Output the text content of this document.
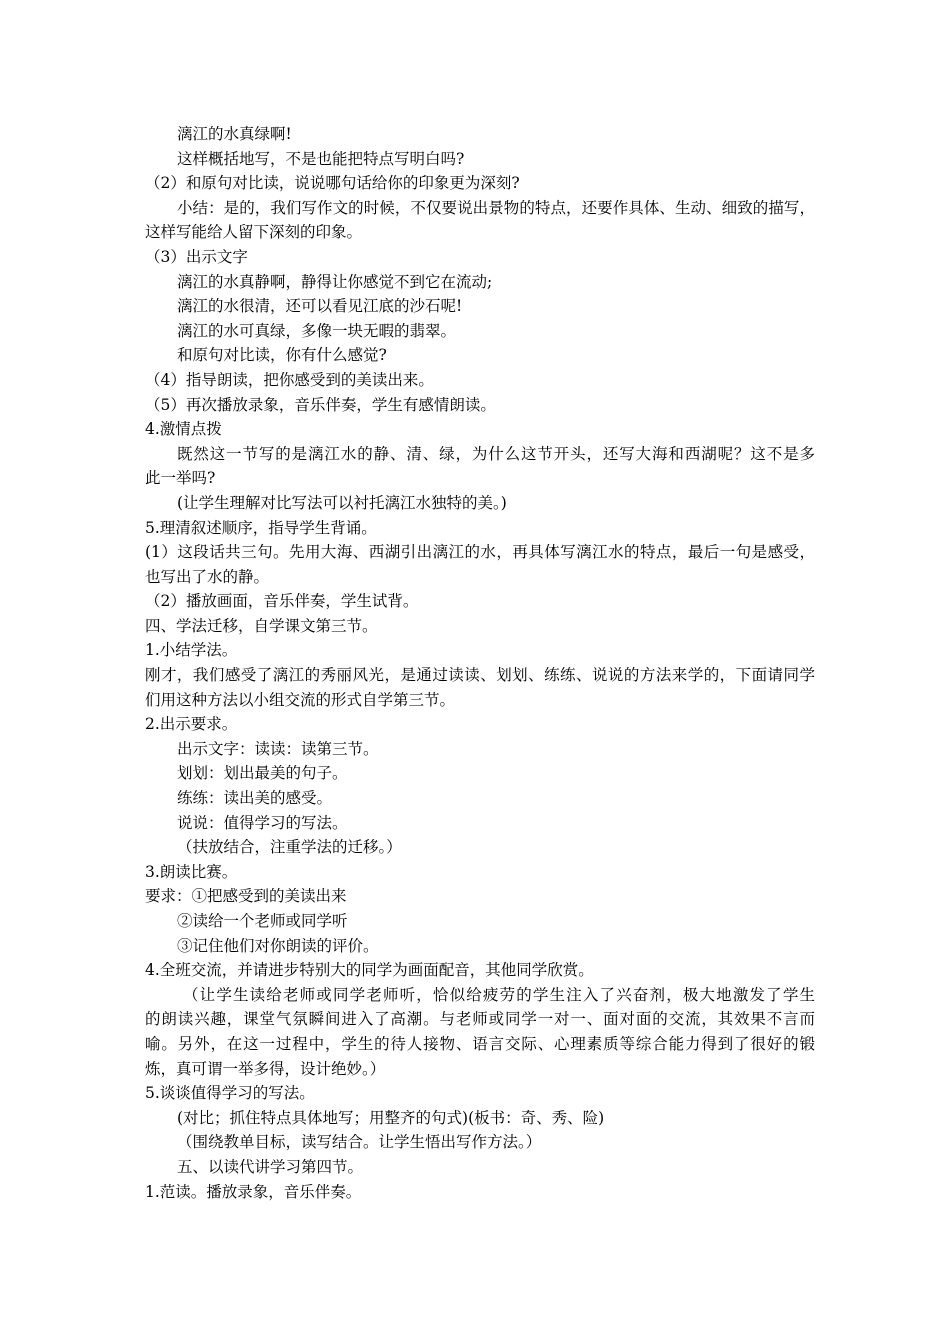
漓江的水真绿啊!
这样概括地写，不是也能把特点写明白吗?
（2）和原句对比读，说说哪句话给你的印象更为深刻?
小结：是的，我们写作文的时候，不仅要说出景物的特点，还要作具体、生动、细致的描写，
这样写能给人留下深刻的印象。
（3）出示文字
漓江的水真静啊，静得让你感觉不到它在流动;
漓江的水很清，还可以看见江底的沙石呢!
漓江的水可真绿，多像一块无暇的翡翠。
和原句对比读，你有什么感觉?
（4）指导朗读，把你感受到的美读出来。
（5）再次播放录象，音乐伴奏，学生有感情朗读。
4.激情点拨
既然这一节写的是漓江水的静、清、绿，为什么这节开头，还写大海和西湖呢？这不是多
此一举吗?
(让学生理解对比写法可以衬托漓江水独特的美。)
5.理清叙述顺序，指导学生背诵。
(1）这段话共三句。先用大海、西湖引出漓江的水，再具体写漓江水的特点，最后一句是感受，
也写出了水的静。
（2）播放画面，音乐伴奏，学生试背。
四、学法迁移，自学课文第三节。
1.小结学法。
刚才，我们感受了漓江的秀丽风光，是通过读读、划划、练练、说说的方法来学的，下面请同学
们用这种方法以小组交流的形式自学第三节。
2.出示要求。
出示文字：读读：读第三节。
划划：划出最美的句子。
练练：读出美的感受。
说说：值得学习的写法。
（扶放结合，注重学法的迁移。）
3.朗读比赛。
要求：①把感受到的美读出来
②读给一个老师或同学听
③记住他们对你朗读的评价。
4.全班交流，并请进步特别大的同学为画面配音，其他同学欣赏。
（让学生读给老师或同学老师听，恰似给疲劳的学生注入了兴奋剂，极大地激发了学生
的朗读兴趣，课堂气氛瞬间进入了高潮。与老师或同学一对一、面对面的交流，其效果不言而
喻。另外，在这一过程中，学生的待人接物、语言交际、心理素质等综合能力得到了很好的锻
炼，真可谓一举多得，设计绝妙。）
5.谈谈值得学习的写法。
(对比；抓住特点具体地写；用整齐的句式)(板书：奇、秀、险)
（围绕教单目标，读写结合。让学生悟出写作方法。）
五、以读代讲学习第四节。
1.范读。播放录象，音乐伴奏。
